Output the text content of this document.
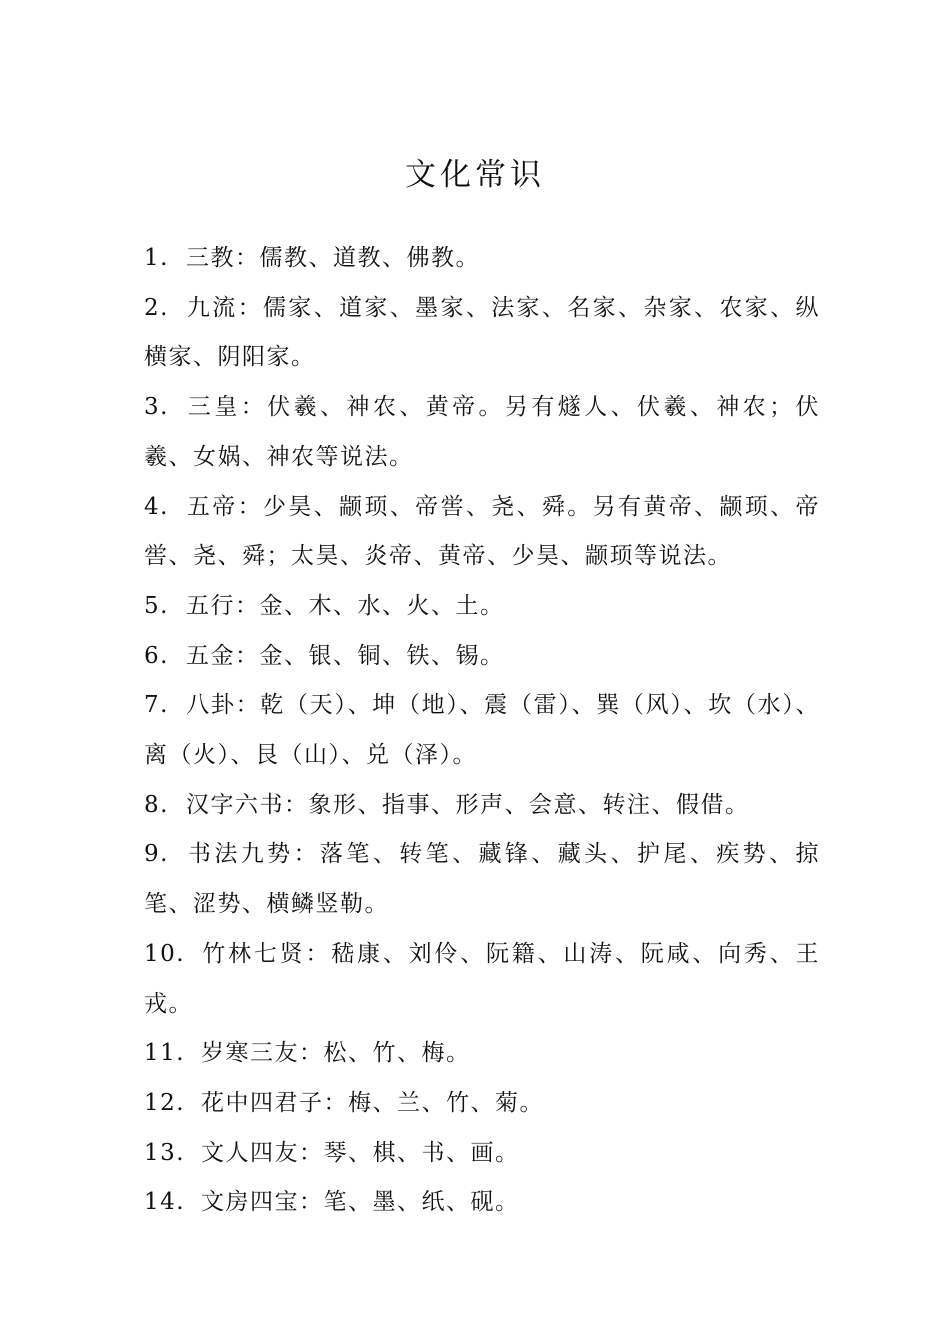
文化常识

1. 三教：儒教、道教、佛教。

2. 九流：儒家、道家、墨家、法家、名家、杂家、农家、纵横家、阴阳家。

3. 三皇：伏羲、神农、黄帝。另有燧人、伏羲、神农；伏羲、女娲、神农等说法。

4. 五帝：少昊、颛顼、帝喾、尧、舜。另有黄帝、颛顼、帝喾、尧、舜；太昊、炎帝、黄帝、少昊、颛顼等说法。

5. 五行：金、木、水、火、土。

6. 五金：金、银、铜、铁、锡。

7. 八卦：乾（天）、坤（地）、震（雷）、巽（风）、坎（水）、离（火）、艮（山）、兑（泽）。

8. 汉字六书：象形、指事、形声、会意、转注、假借。

9. 书法九势：落笔、转笔、藏锋、藏头、护尾、疾势、掠笔、涩势、横鳞竖勒。

10. 竹林七贤：嵇康、刘伶、阮籍、山涛、阮咸、向秀、王戎。

11. 岁寒三友：松、竹、梅。

12. 花中四君子：梅、兰、竹、菊。

13. 文人四友：琴、棋、书、画。

14. 文房四宝：笔、墨、纸、砚。
